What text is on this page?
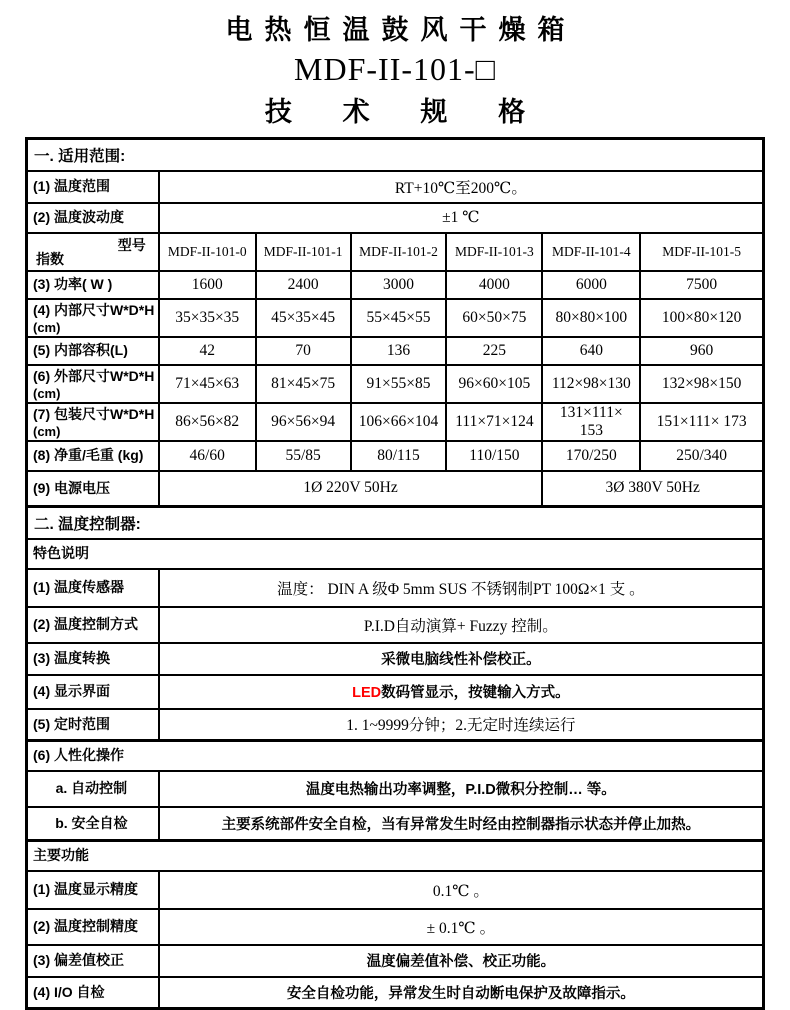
电热恒温鼓风干燥箱
MDF-II-101-□
技 术 规 格
一. 适用范围:						
(1) 温度范围	RT+10℃至200℃。					
(2) 温度波动度	±1 ℃					

型号
指数	MDF-II-101-0	MDF-II-101-1	MDF-II-101-2	MDF-II-101-3	MDF-II-101-4	MDF-II-101-5
(3) 功率( W )	1600	2400	3000	4000	6000	7500
(4) 内部尺寸W*D*H
(cm)	35×35×35	45×35×45	55×45×55	60×50×75	80×80×100	100×80×120
(5) 内部容积(L)	42	70	136	225	640	960
(6) 外部尺寸W*D*H
(cm)	71×45×63	81×45×75	91×55×85	96×60×105	112×98×130	132×98×150
(7) 包装尺寸W*D*H
(cm)	86×56×82	96×56×94	106×66×104	111×71×124	131×111× 153	151×111× 173
(8) 净重/毛重 (kg)	46/60	55/85	80/115	110/150	170/250	250/340
(9) 电源电压	1Ø 220V 50Hz				3Ø 380V 50Hz	
二. 温度控制器:						
特色说明						
(1) 温度传感器	温度： DIN A 级Φ 5mm SUS 不锈钢制PT 100Ω×1 支 。					
(2) 温度控制方式	P.I.D自动演算+ Fuzzy 控制。					
(3) 温度转换	采微电脑线性补偿校正。					
(4) 显示界面	LED数码管显示，按键输入方式。					
(5) 定时范围	1. 1~9999分钟；2.无定时连续运行					
(6) 人性化操作						
a. 自动控制	温度电热输出功率调整，P.I.D微积分控制… 等。					
b. 安全自检	主要系统部件安全自检，当有异常发生时经由控制器指示状态并停止加热。					
主要功能						
(1) 温度显示精度	0.1℃ 。					
(2) 温度控制精度	± 0.1℃ 。					
(3) 偏差值校正	温度偏差值补偿、校正功能。					
(4) I/O 自检	安全自检功能，异常发生时自动断电保护及故障指示。					
